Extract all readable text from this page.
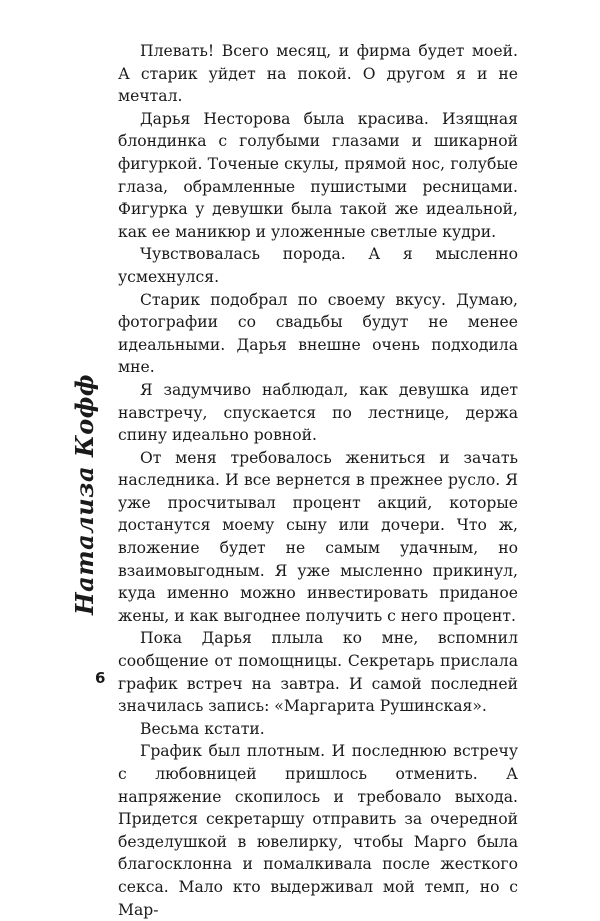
Плевать! Всего месяц, и фирма будет моей. А старик уйдет на покой. О другом я и не мечтал.

Дарья Несторова была красива. Изящная блондинка с голубыми глазами и шикарной фигуркой. Точеные скулы, прямой нос, голубые глаза, обрамленные пушистыми ресницами. Фигурка у девушки была такой же идеальной, как ее маникюр и уложенные светлые кудри.

Чувствовалась порода. А я мысленно усмехнулся.

Старик подобрал по своему вкусу. Думаю, фотографии со свадьбы будут не менее идеальными. Дарья внешне очень подходила мне.

Я задумчиво наблюдал, как девушка идет навстречу, спускается по лестнице, держа спину идеально ровной.

От меня требовалось жениться и зачать наследника. И все вернется в прежнее русло. Я уже просчитывал процент акций, которые достанутся моему сыну или дочери. Что ж, вложение будет не самым удачным, но взаимовыгодным. Я уже мысленно прикинул, куда именно можно инвестировать приданое жены, и как выгоднее получить с него процент.

Пока Дарья плыла ко мне, вспомнил сообщение от помощницы. Секретарь прислала график встреч на завтра. И самой последней значилась запись: «Маргарита Рушинская».

Весьма кстати.

График был плотным. И последнюю встречу с любовницей пришлось отменить. А напряжение скопилось и требовало выхода. Придется секретаршу отправить за очередной безделушкой в ювелирку, чтобы Марго была благосклонна и помалкивала после жесткого секса. Мало кто выдерживал мой темп, но с Мар-

Натализа Кофф
6
